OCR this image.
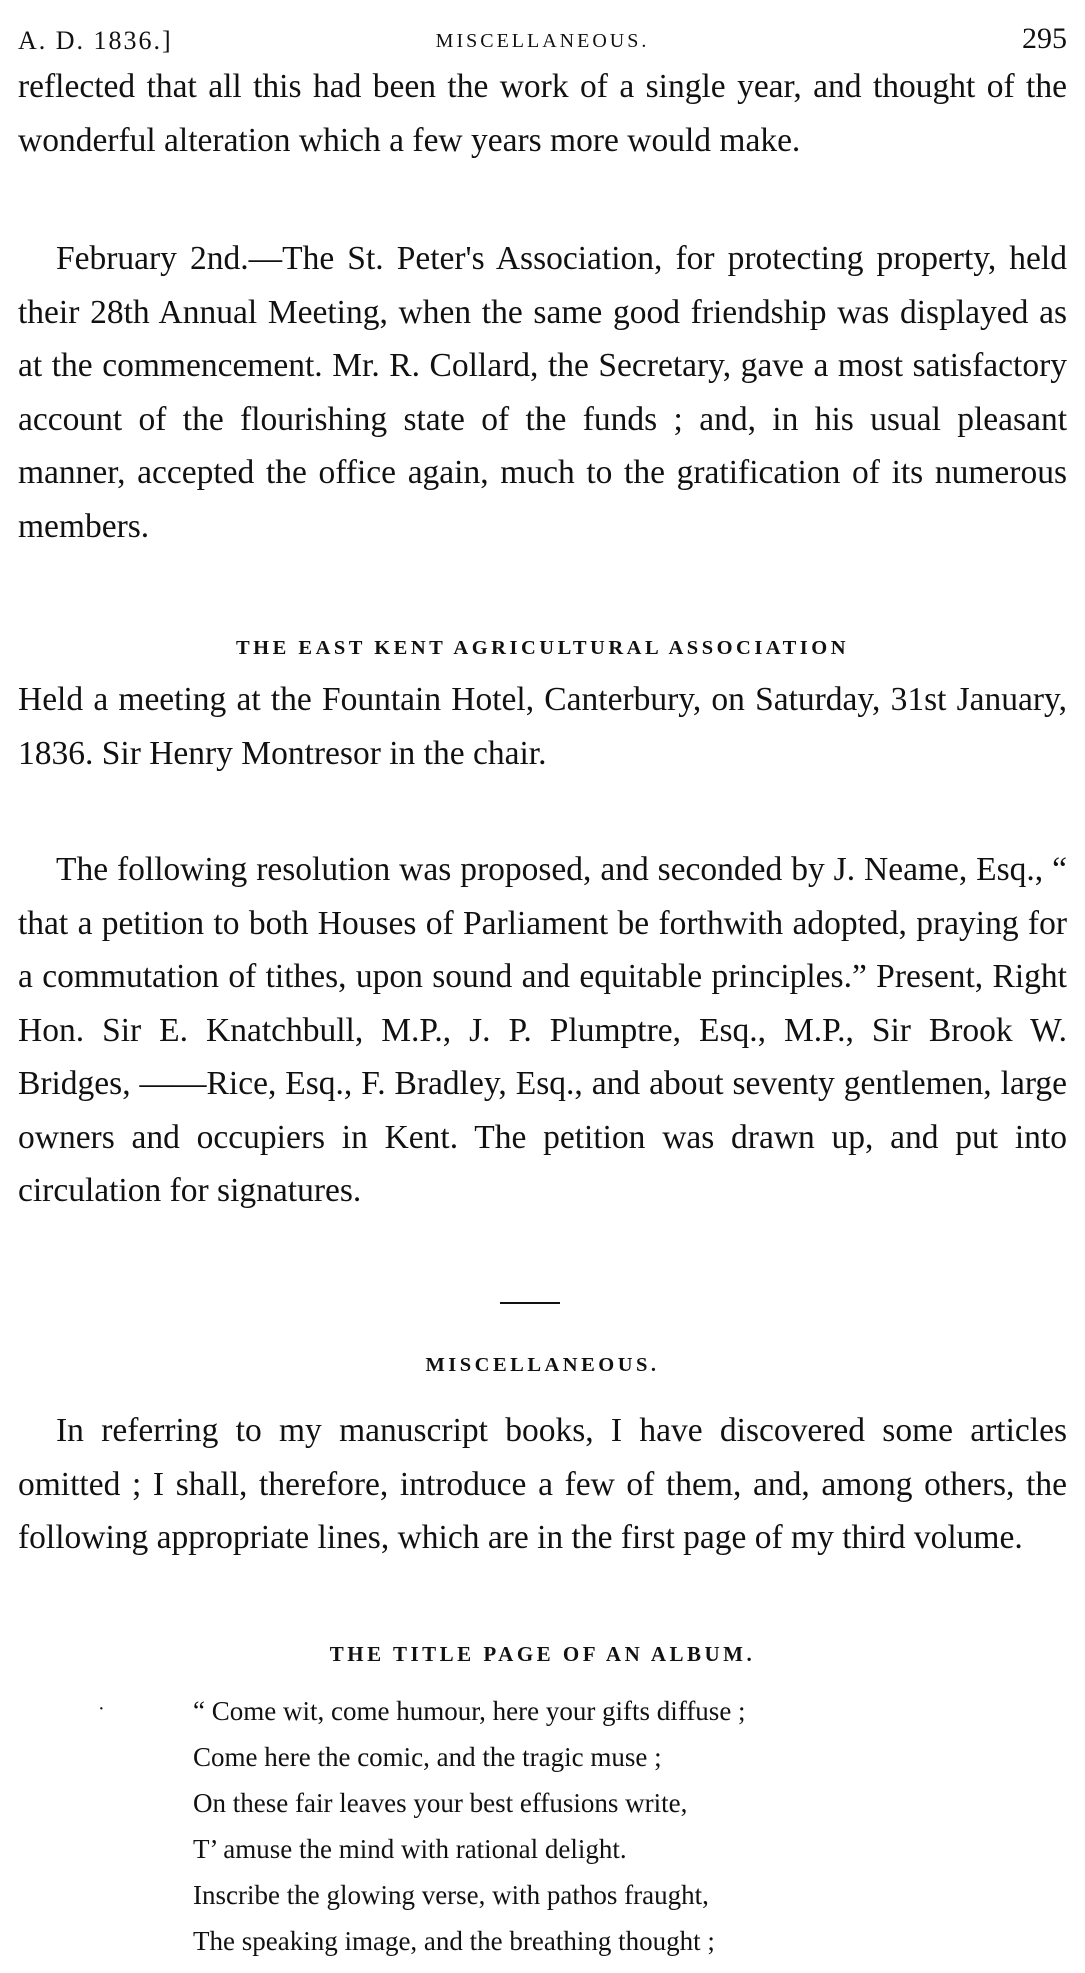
A. D. 1836.]	MISCELLANEOUS.	295

reflected that all this had been the work of a single year, and thought of the wonderful alteration which a few years more would make.

February 2nd.—The St. Peter's Association, for protecting property, held their 28th Annual Meeting, when the same good friendship was displayed as at the commencement. Mr. R. Collard, the Secretary, gave a most satisfactory account of the flourishing state of the funds ; and, in his usual pleasant manner, accepted the office again, much to the gratification of its numerous members.

THE EAST KENT AGRICULTURAL ASSOCIATION

Held a meeting at the Fountain Hotel, Canterbury, on Saturday, 31st January, 1836. Sir Henry Montresor in the chair.

The following resolution was proposed, and seconded by J. Neame, Esq., “ that a petition to both Houses of Parliament be forthwith adopted, praying for a commutation of tithes, upon sound and equitable principles.” Present, Right Hon. Sir E. Knatchbull, M.P., J. P. Plumptre, Esq., M.P., Sir Brook W. Bridges, ——Rice, Esq., F. Bradley, Esq., and about seventy gentlemen, large owners and occupiers in Kent. The petition was drawn up, and put into circulation for signatures.

MISCELLANEOUS.

In referring to my manuscript books, I have discovered some articles omitted ; I shall, therefore, introduce a few of them, and, among others, the following appropriate lines, which are in the first page of my third volume.

THE TITLE PAGE OF AN ALBUM.
·	“ Come wit, come humour, here your gifts diffuse ;
Come here the comic, and the tragic muse ;
On these fair leaves your best effusions write,
T’ amuse the mind with rational delight.
Inscribe the glowing verse, with pathos fraught,
The speaking image, and the breathing thought ;
